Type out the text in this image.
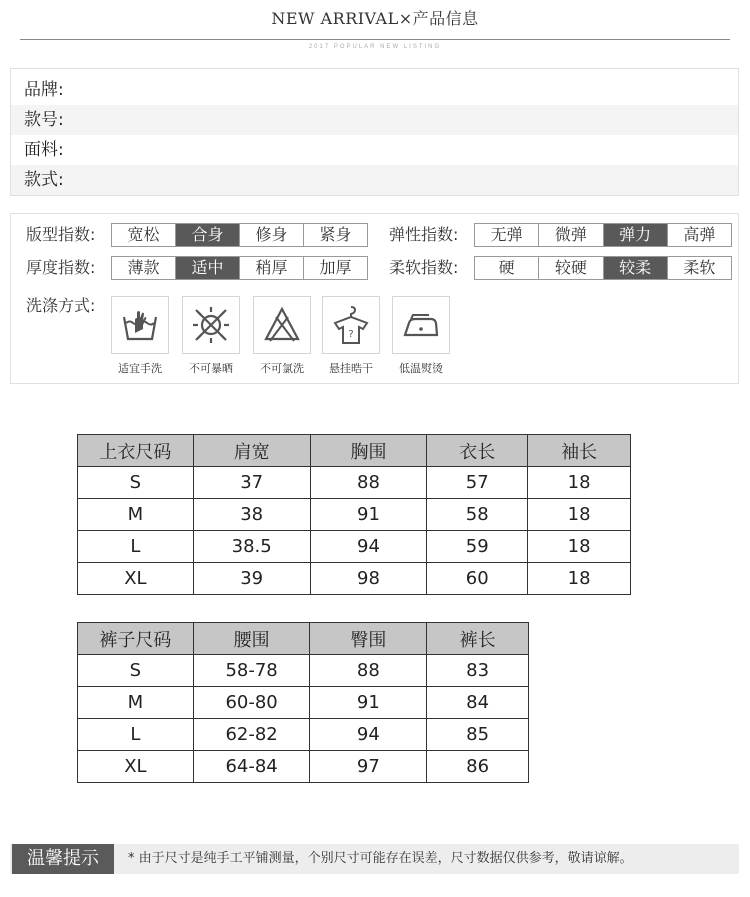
NEW ARRIVAL×产品信息
2017 POPULAR NEW LISTING
品牌:
款号:
面料:
款式:
版型指数:	宽松	合身	修身	紧身	弹性指数:	无弹	微弹	弹力	高弹
厚度指数:	薄款	适中	稍厚	加厚	柔软指数:	硬	较硬	较柔	柔软
洗涤方式:
适宜手洗	不可暴晒	不可氯洗
?
悬挂晧干	低温熨烫
上衣尺码	肩宽	胸围	衣长	袖长
S	37	88	57	18
M	38	91	58	18
L	38.5	94	59	18
XL	39	98	60	18
裤子尺码	腰围	臀围	裤长
S	58-78	88	83
M	60-80	91	84
L	62-82	94	85
XL	64-84	97	86
温馨提示	* 由于尺寸是纯手工平铺测量，个别尺寸可能存在误差，尺寸数据仅供参考，敬请谅解。
